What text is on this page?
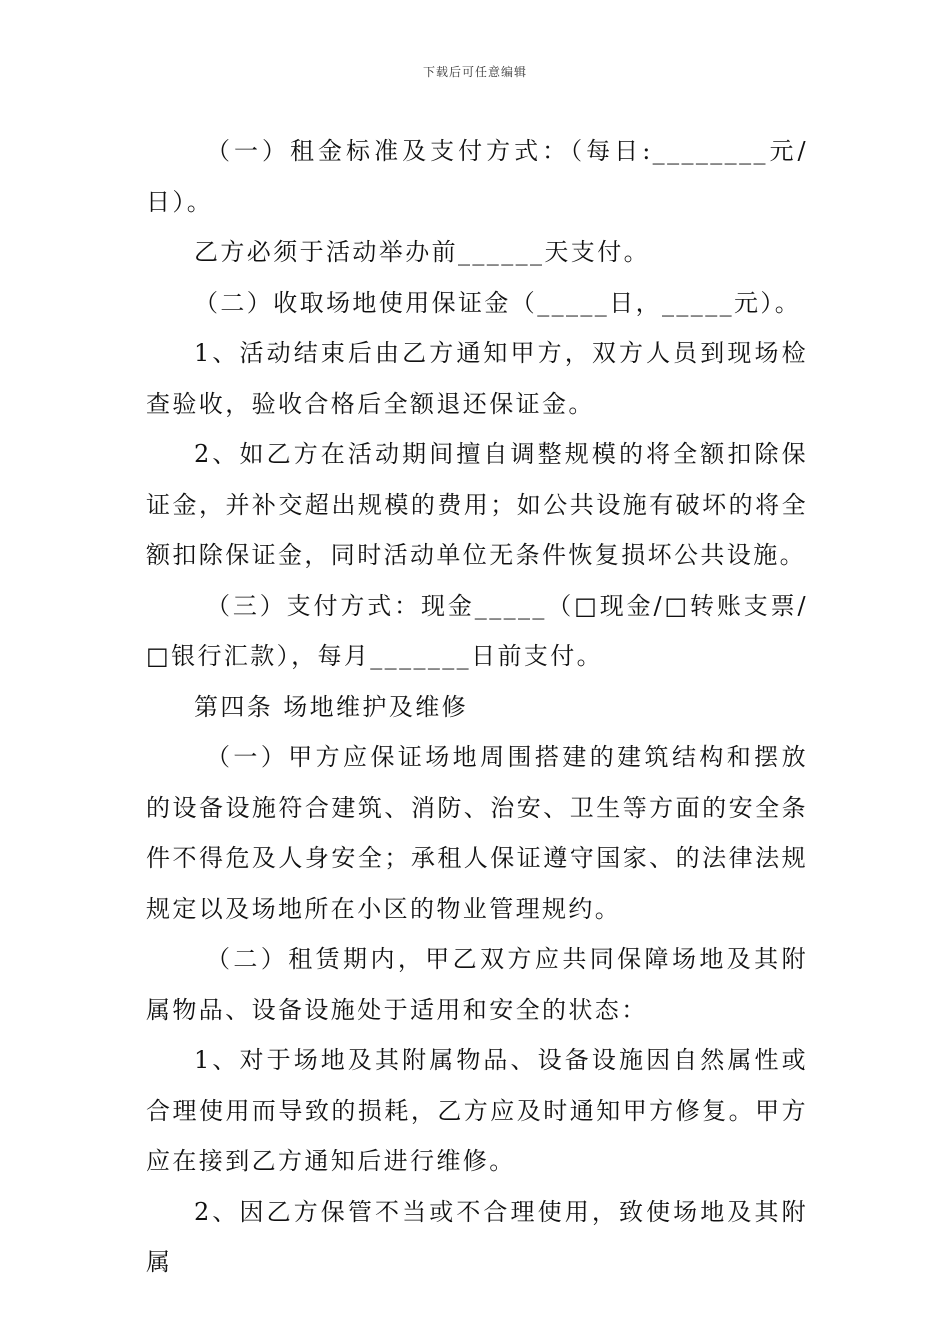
下载后可任意编辑

（一）租金标准及支付方式：（每日:________元/日）。

乙方必须于活动举办前______天支付。

（二）收取场地使用保证金（_____日，_____元）。

1、活动结束后由乙方通知甲方，双方人员到现场检查验收，验收合格后全额退还保证金。

2、如乙方在活动期间擅自调整规模的将全额扣除保证金，并补交超出规模的费用；如公共设施有破坏的将全额扣除保证金，同时活动单位无条件恢复损坏公共设施。

（三）支付方式：现金_____（□现金/□转账支票/□银行汇款），每月_______日前支付。

第四条 场地维护及维修

（一）甲方应保证场地周围搭建的建筑结构和摆放的设备设施符合建筑、消防、治安、卫生等方面的安全条件不得危及人身安全；承租人保证遵守国家、的法律法规规定以及场地所在小区的物业管理规约。

（二）租赁期内，甲乙双方应共同保障场地及其附属物品、设备设施处于适用和安全的状态：

1、对于场地及其附属物品、设备设施因自然属性或合理使用而导致的损耗，乙方应及时通知甲方修复。甲方应在接到乙方通知后进行维修。

2、因乙方保管不当或不合理使用，致使场地及其附属
